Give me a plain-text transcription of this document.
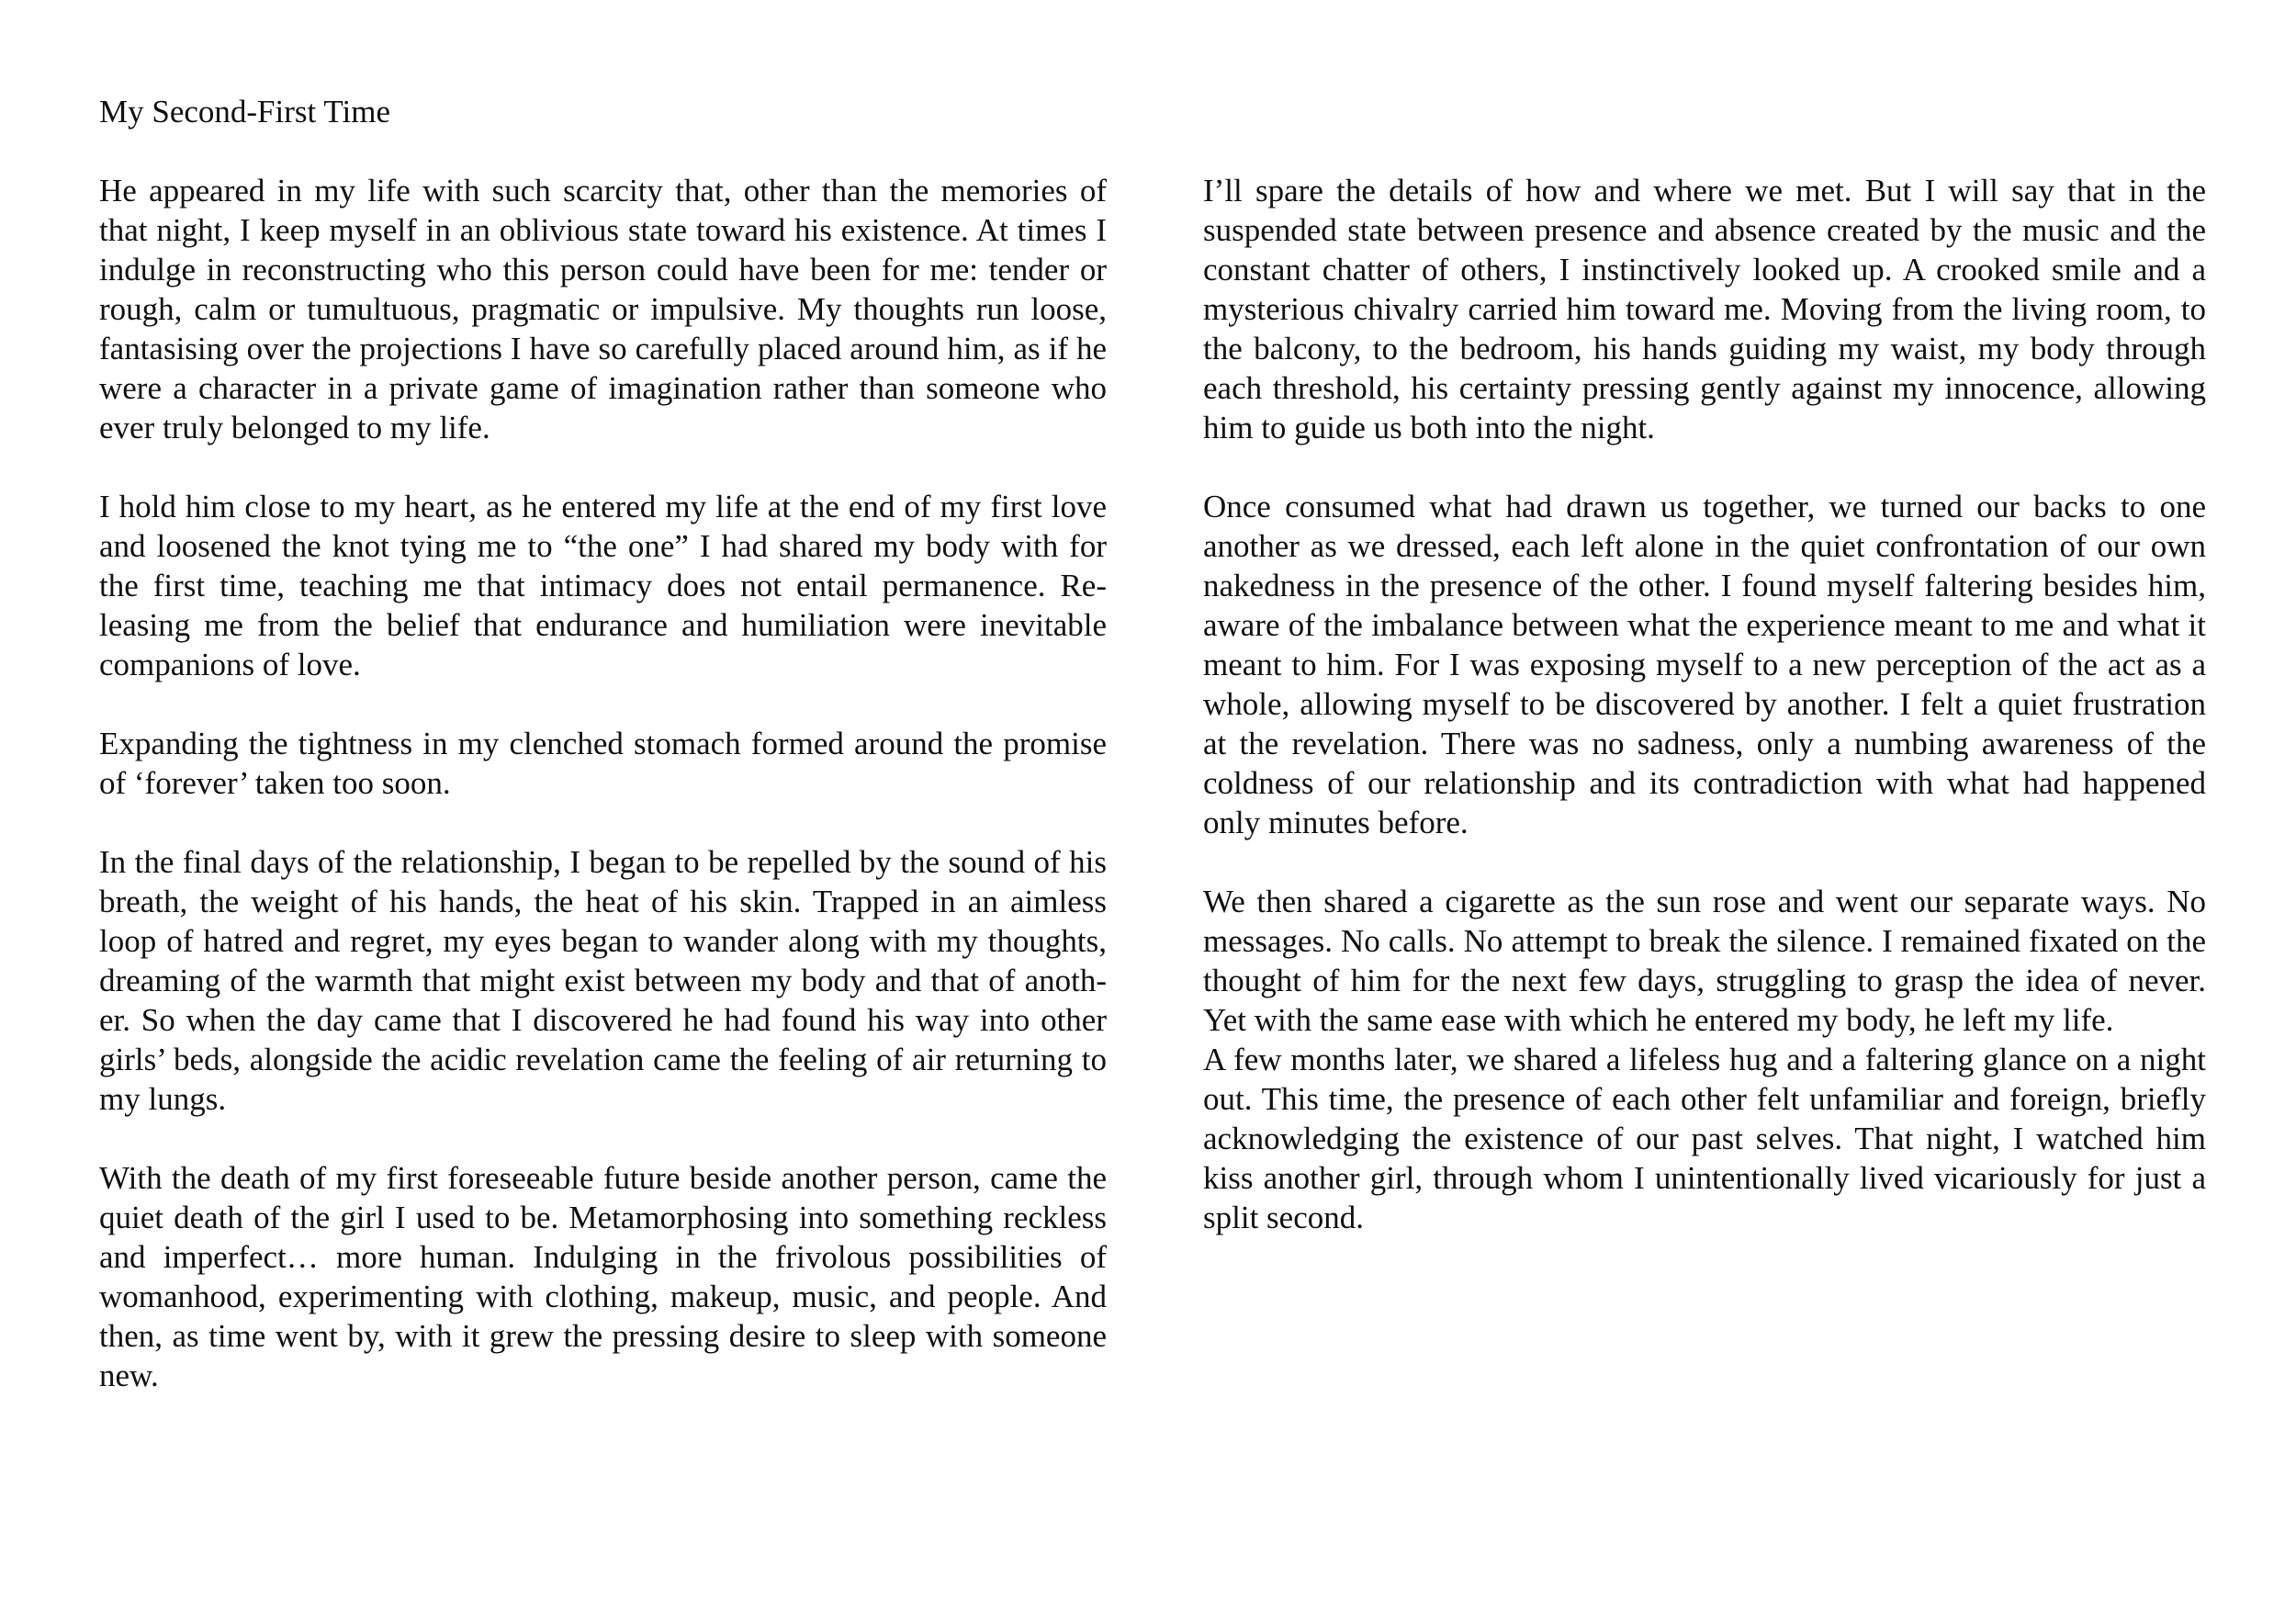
My Second-First Time

He appeared in my life with such scarcity that, other than the memories of that night, I keep myself in an oblivious state toward his existence. At times I indulge in reconstructing who this person could have been for me: tender or rough, calm or tumultuous, pragmatic or impulsive. My thoughts run loose, fantasising over the projections I have so carefully placed around him, as if he were a character in a private game of imagination rather than someone who ever truly belonged to my life.

I hold him close to my heart, as he entered my life at the end of my first love and loosened the knot tying me to “the one” I had shared my body with for the first time, teaching me that intimacy does not entail permanence. Releasing me from the belief that endurance and humiliation were inevitable companions of love.

Expanding the tightness in my clenched stomach formed around the promise of ‘forever’ taken too soon.

In the final days of the relationship, I began to be repelled by the sound of his breath, the weight of his hands, the heat of his skin. Trapped in an aimless loop of hatred and regret, my eyes began to wander along with my thoughts, dreaming of the warmth that might exist between my body and that of another. So when the day came that I discovered he had found his way into other girls’ beds, alongside the acidic revelation came the feeling of air returning to my lungs.

With the death of my first foreseeable future beside another person, came the quiet death of the girl I used to be. Metamorphosing into something reckless and imperfect… more human. Indulging in the frivolous possibilities of womanhood, experimenting with clothing, makeup, music, and people. And then, as time went by, with it grew the pressing desire to sleep with someone new.

I’ll spare the details of how and where we met. But I will say that in the suspended state between presence and absence created by the music and the constant chatter of others, I instinctively looked up. A crooked smile and a mysterious chivalry carried him toward me. Moving from the living room, to the balcony, to the bedroom, his hands guiding my waist, my body through each threshold, his certainty pressing gently against my innocence, allowing him to guide us both into the night.

Once consumed what had drawn us together, we turned our backs to one another as we dressed, each left alone in the quiet confrontation of our own nakedness in the presence of the other. I found myself faltering besides him, aware of the imbalance between what the experience meant to me and what it meant to him. For I was exposing myself to a new perception of the act as a whole, allowing myself to be discovered by another. I felt a quiet frustration at the revelation. There was no sadness, only a numbing awareness of the coldness of our relationship and its contradiction with what had happened only minutes before.

We then shared a cigarette as the sun rose and went our separate ways. No messages. No calls. No attempt to break the silence. I remained fixated on the thought of him for the next few days, struggling to grasp the idea of never. Yet with the same ease with which he entered my body, he left my life.

A few months later, we shared a lifeless hug and a faltering glance on a night out. This time, the presence of each other felt unfamiliar and foreign, briefly acknowledging the existence of our past selves. That night, I watched him kiss another girl, through whom I unintentionally lived vicariously for just a split second.
